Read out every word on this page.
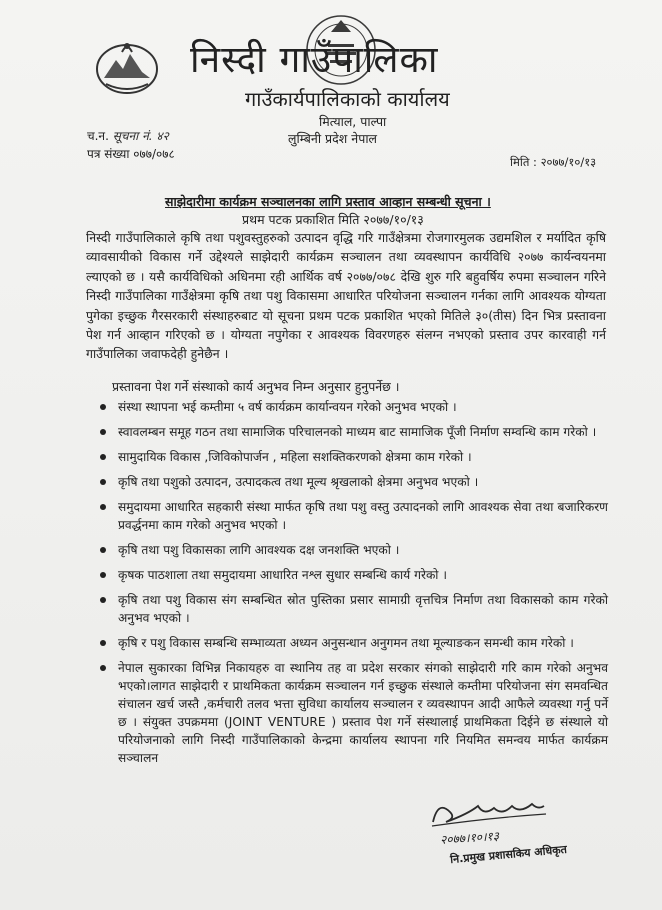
निस्दी गाउँपालिका
गाउँकार्यपालिकाको कार्यालय
मित्याल, पाल्पा
लुम्बिनी प्रदेश नेपाल
च.न. सूचना नं. ४२
पत्र संख्या ०७७/०७८
मिति : २०७७/१०/१३
साझेदारीमा कार्यक्रम सञ्चालनका लागि प्रस्ताव आव्हान सम्बन्धी सूचना ।
प्रथम पटक प्रकाशित मिति २०७७/१०/१३

निस्दी गाउँपालिकाले कृषि तथा पशुवस्तुहरुको उत्पादन वृद्धि गरि गाउँक्षेत्रमा रोजगारमुलक उद्यमशिल र मर्यादित कृषि व्यावसायीको विकास गर्ने उद्देश्यले साझेदारी कार्यक्रम सञ्चालन तथा व्यवस्थापन कार्यविधि २०७७ कार्यन्वयनमा ल्याएको छ । यसै कार्यविधिको अधिनमा रही आर्थिक वर्ष २०७७/०७८ देखि शुरु गरि बहुवर्षिय रुपमा सञ्चालन गरिने निस्दी गाउँपालिका गाउँक्षेत्रमा कृषि तथा पशु विकासमा आधारित परियोजना सञ्चालन गर्नका लागि आवश्यक योग्यता पुगेका इच्छुक गैरसरकारी संस्थाहरुबाट यो सूचना प्रथम पटक प्रकाशित भएको मितिले ३०(तीस) दिन भित्र प्रस्तावना पेश गर्न आव्हान गरिएको छ । योग्यता नपुगेका र आवश्यक विवरणहरु संलग्न नभएको प्रस्ताव उपर कारवाही गर्न गाउँपालिका जवाफदेही हुनेछैन ।

प्रस्तावना पेश गर्ने संस्थाको कार्य अनुभव निम्न अनुसार हुनुपर्नेछ ।
संस्था स्थापना भई कम्तीमा ५ वर्ष कार्यक्रम कार्यान्वयन गरेको अनुभव भएको ।
स्वावलम्बन समूह गठन तथा सामाजिक परिचालनको माध्यम बाट सामाजिक पूँजी निर्माण सम्वन्धि काम गरेको ।
सामुदायिक विकास ,जिविकोपार्जन , महिला सशक्तिकरणको क्षेत्रमा काम गरेको ।
कृषि तथा पशुको उत्पादन, उत्पादकत्व तथा मूल्य श्रृखलाको क्षेत्रमा अनुभव भएको ।
समुदायमा आधारित सहकारी संस्था मार्फत कृषि तथा पशु वस्तु उत्पादनको लागि आवश्यक सेवा तथा बजारिकरण प्रवर्द्धनमा काम गरेको अनुभव भएको ।
कृषि तथा पशु विकासका लागि आवश्यक दक्ष जनशक्ति भएको ।
कृषक पाठशाला तथा समुदायमा आधारित नश्ल सुधार सम्बन्धि कार्य गरेको ।
कृषि तथा पशु विकास संग सम्बन्धित स्रोत पुस्तिका प्रसार सामाग्री वृत्तचित्र निर्माण तथा विकासको काम गरेको अनुभव भएको ।
कृषि र पशु विकास सम्बन्धि सम्भाव्यता अध्यन अनुसन्धान अनुगमन तथा मूल्याङकन समन्धी काम गरेको ।
नेपाल सुकारका विभिन्न निकायहरु वा स्थानिय तह वा प्रदेश सरकार संगको साझेदारी गरि काम गरेको अनुभव भएको।लागत साझेदारी र प्राथमिकता कार्यक्रम सञ्चालन गर्न इच्छुक संस्थाले कम्तीमा परियोजना संग समवन्धित संचालन खर्च जस्तै ,कर्मचारी तलव भत्ता सुविधा कार्यालय सञ्चालन र व्यवस्थापन आदी आफैले व्यवस्था गर्नु पर्ने छ । संयुक्त उपक्रममा (JOINT VENTURE ) प्रस्ताव पेश गर्ने संस्थालाई प्राथमिकता दिईने छ संस्थाले यो परियोजनाको लागि निस्दी गाउँपालिकाको केन्द्रमा कार्यालय स्थापना गरि नियमित समन्वय मार्फत कार्यक्रम सञ्चालन
२०७७।१०।१३
नि.प्रमुख प्रशासकिय अधिकृत
